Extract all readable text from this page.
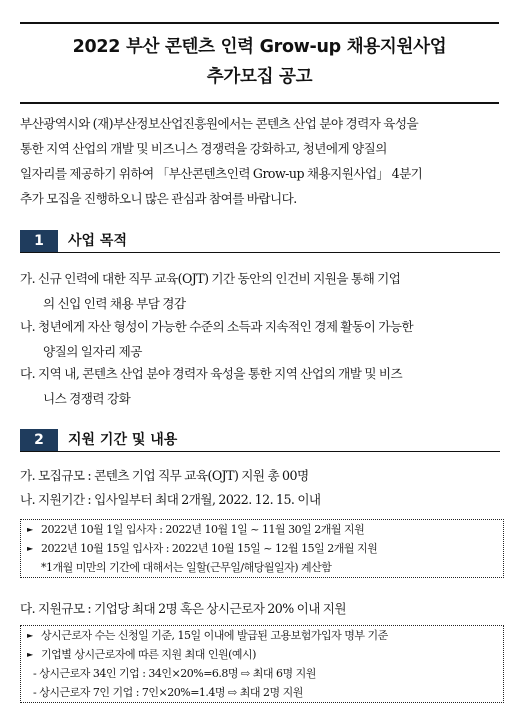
2022 부산 콘텐츠 인력 Grow-up 채용지원사업
추가모집 공고
부산광역시와 (재)부산정보산업진흥원에서는 콘텐츠 산업 분야 경력자 육성을
통한 지역 산업의 개발 및 비즈니스 경쟁력을 강화하고, 청년에게 양질의
일자리를 제공하기 위하여 「부산콘텐츠인력 Grow-up 채용지원사업」 4분기
추가 모집을 진행하오니 많은 관심과 참여를 바랍니다.
1	사업 목적
가. 신규 인력에 대한 직무 교육(OJT) 기간 동안의 인건비 지원을 통해 기업
의 신입 인력 채용 부담 경감
나. 청년에게 자산 형성이 가능한 수준의 소득과 지속적인 경제 활동이 가능한
양질의 일자리 제공
다. 지역 내, 콘텐츠 산업 분야 경력자 육성을 통한 지역 산업의 개발 및 비즈
니스 경쟁력 강화
2	지원 기간 및 내용
가. 모집규모 : 콘텐츠 기업 직무 교육(OJT) 지원 총 00명
나. 지원기간 : 입사일부터 최대 2개월, 2022. 12. 15. 이내
► 2022년 10월 1일 입사자 : 2022년 10월 1일 ~ 11월 30일 2개월 지원
► 2022년 10월 15일 입사자 : 2022년 10월 15일 ~ 12월 15일 2개월 지원
*1개월 미만의 기간에 대해서는 일할(근무일/해당월일자) 계산함
다. 지원규모 : 기업당 최대 2명 혹은 상시근로자 20% 이내 지원
► 상시근로자 수는 신청일 기준, 15일 이내에 발급된 고용보험가입자 명부 기준
► 기업별 상시근로자에 따른 지원 최대 인원(예시)
- 상시근로자 34인 기업 : 34인×20%=6.8명 ⇨ 최대 6명 지원
- 상시근로자 7인 기업 : 7인×20%=1.4명 ⇨ 최대 2명 지원
